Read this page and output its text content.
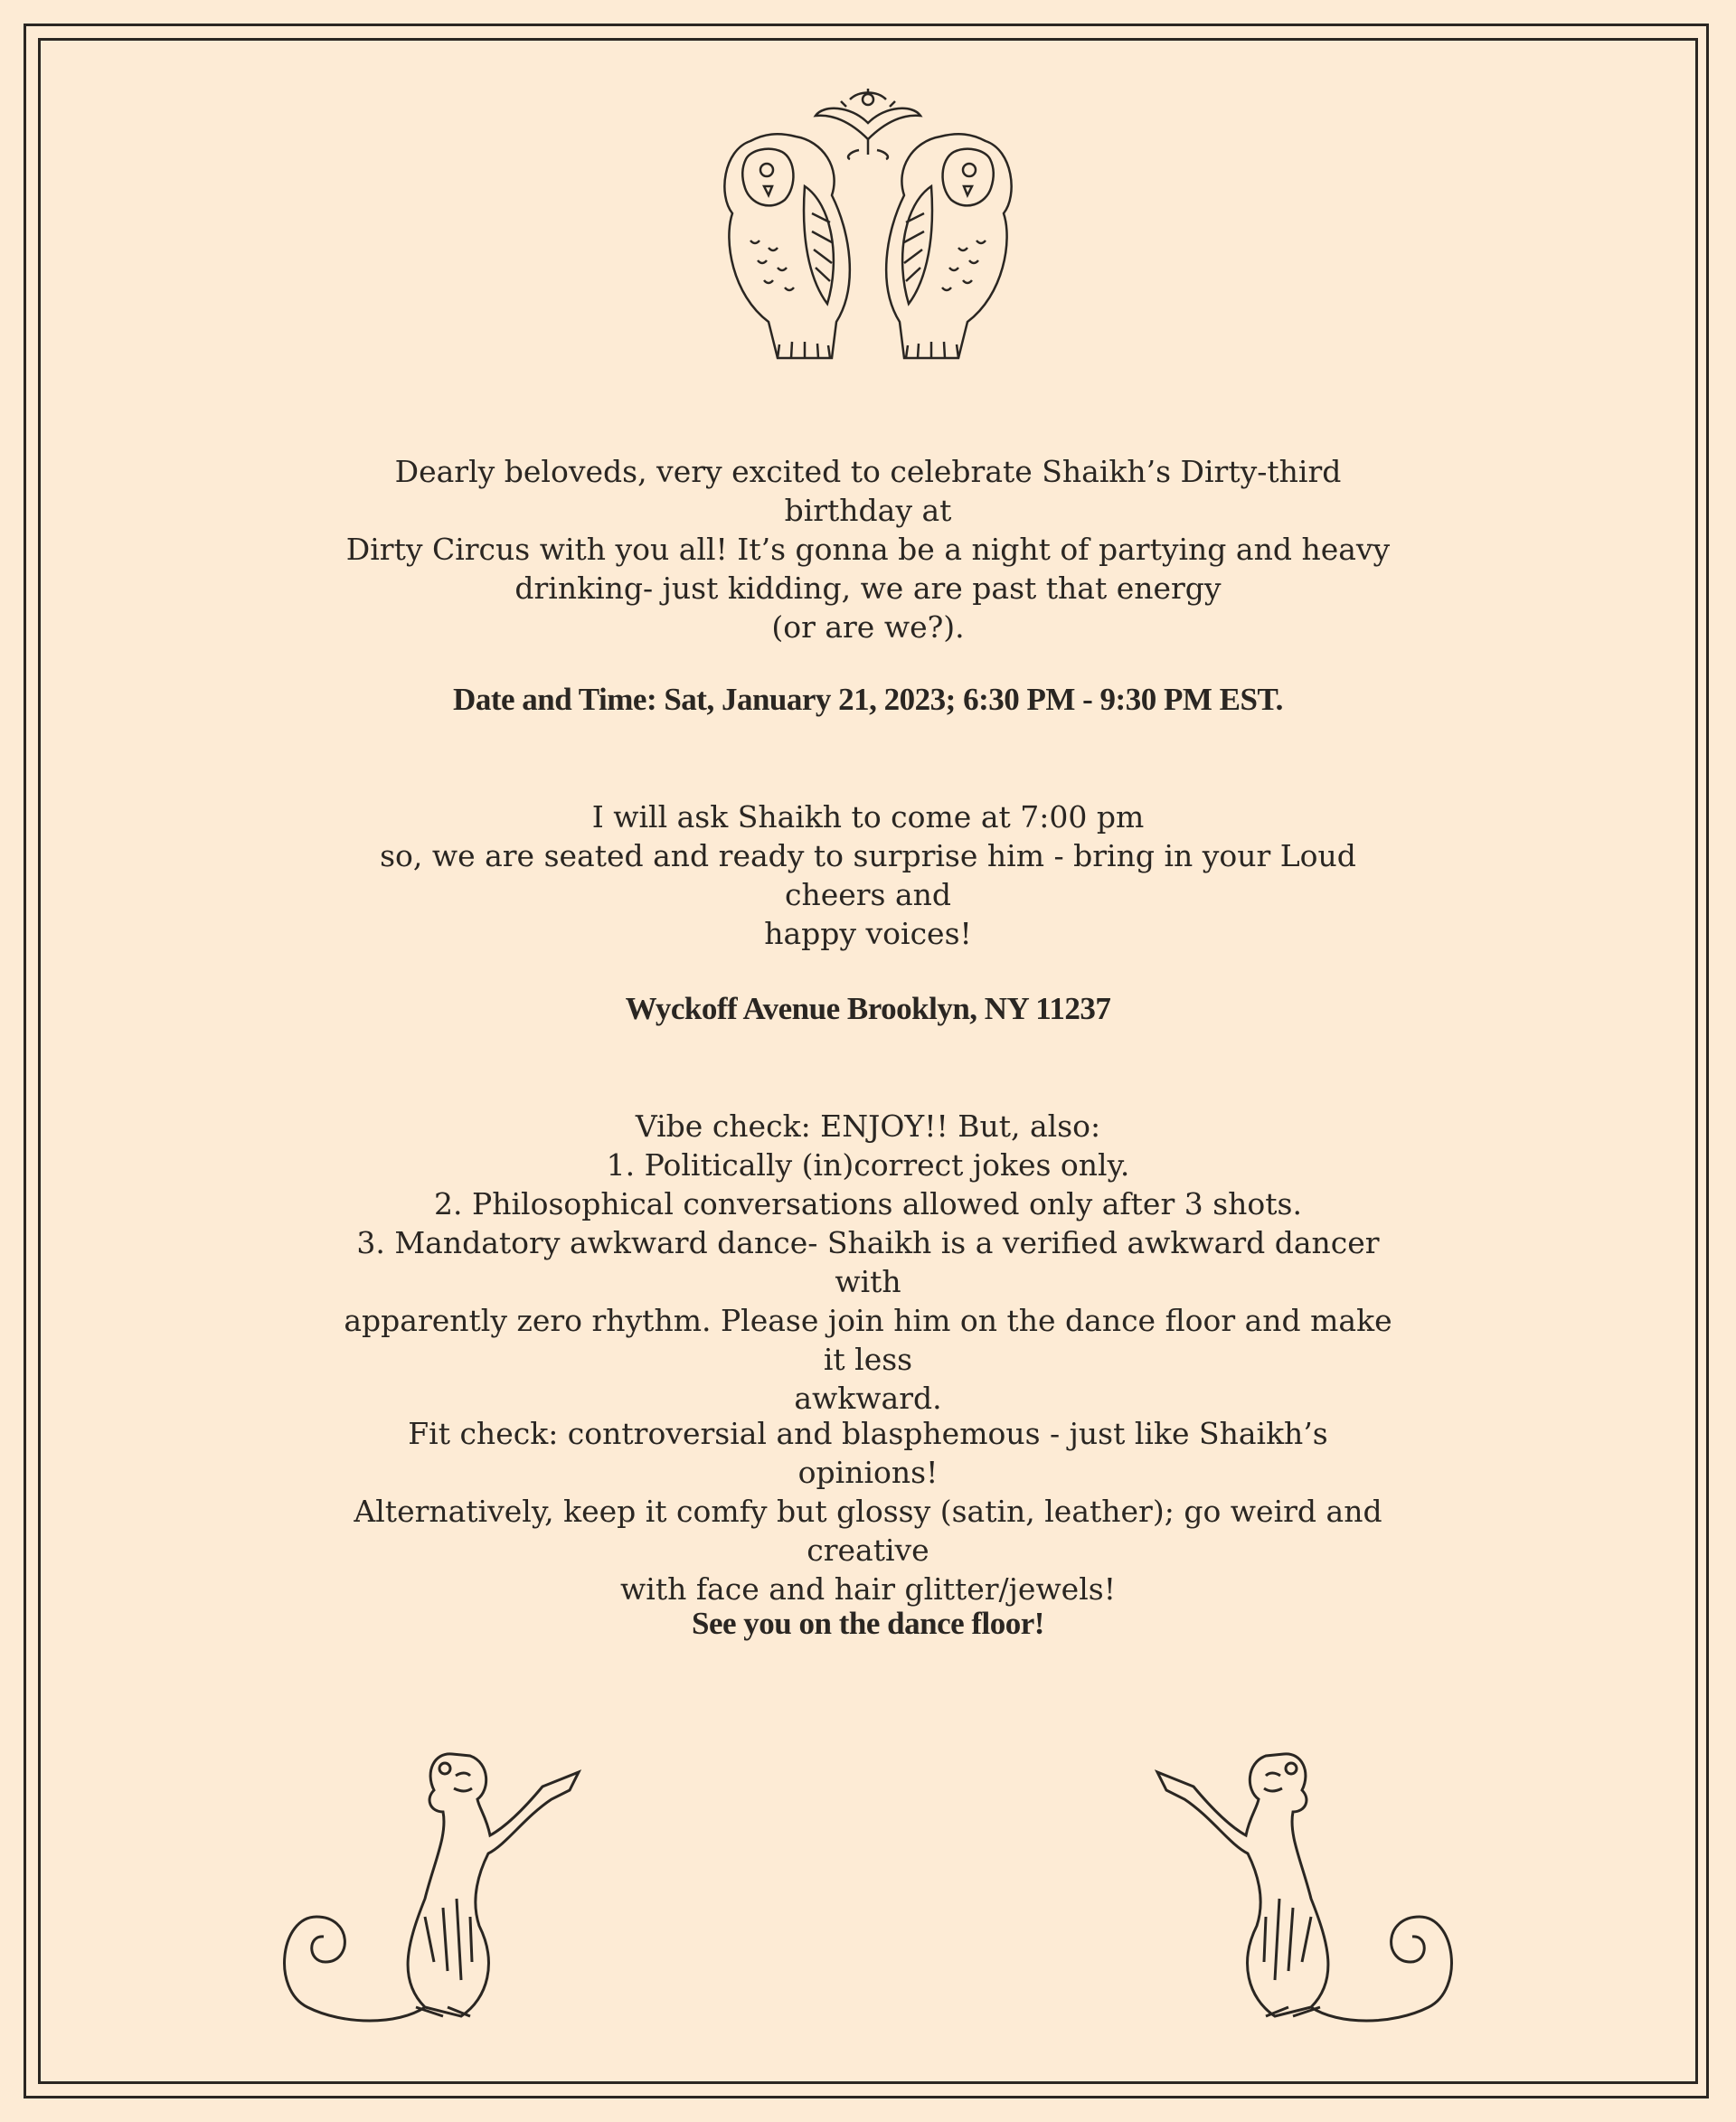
Dearly beloveds, very excited to celebrate Shaikh’s Dirty-third birthday at

Dirty Circus with you all! It’s gonna be a night of partying and heavy

drinking- just kidding, we are past that energy

(or are we?).

Date and Time: Sat, January 21, 2023; 6:30 PM - 9:30 PM EST.

I will ask Shaikh to come at 7:00 pm

so, we are seated and ready to surprise him - bring in your Loud cheers and

happy voices!

Wyckoff Avenue Brooklyn, NY 11237

Vibe check: ENJOY!! But, also:

1. Politically (in)correct jokes only.

2. Philosophical conversations allowed only after 3 shots.

3. Mandatory awkward dance- Shaikh is a verified awkward dancer with

apparently zero rhythm. Please join him on the dance floor and make it less

awkward.

Fit check: controversial and blasphemous - just like Shaikh’s opinions!

Alternatively, keep it comfy but glossy (satin, leather); go weird and creative

with face and hair glitter/jewels!

See you on the dance floor!
